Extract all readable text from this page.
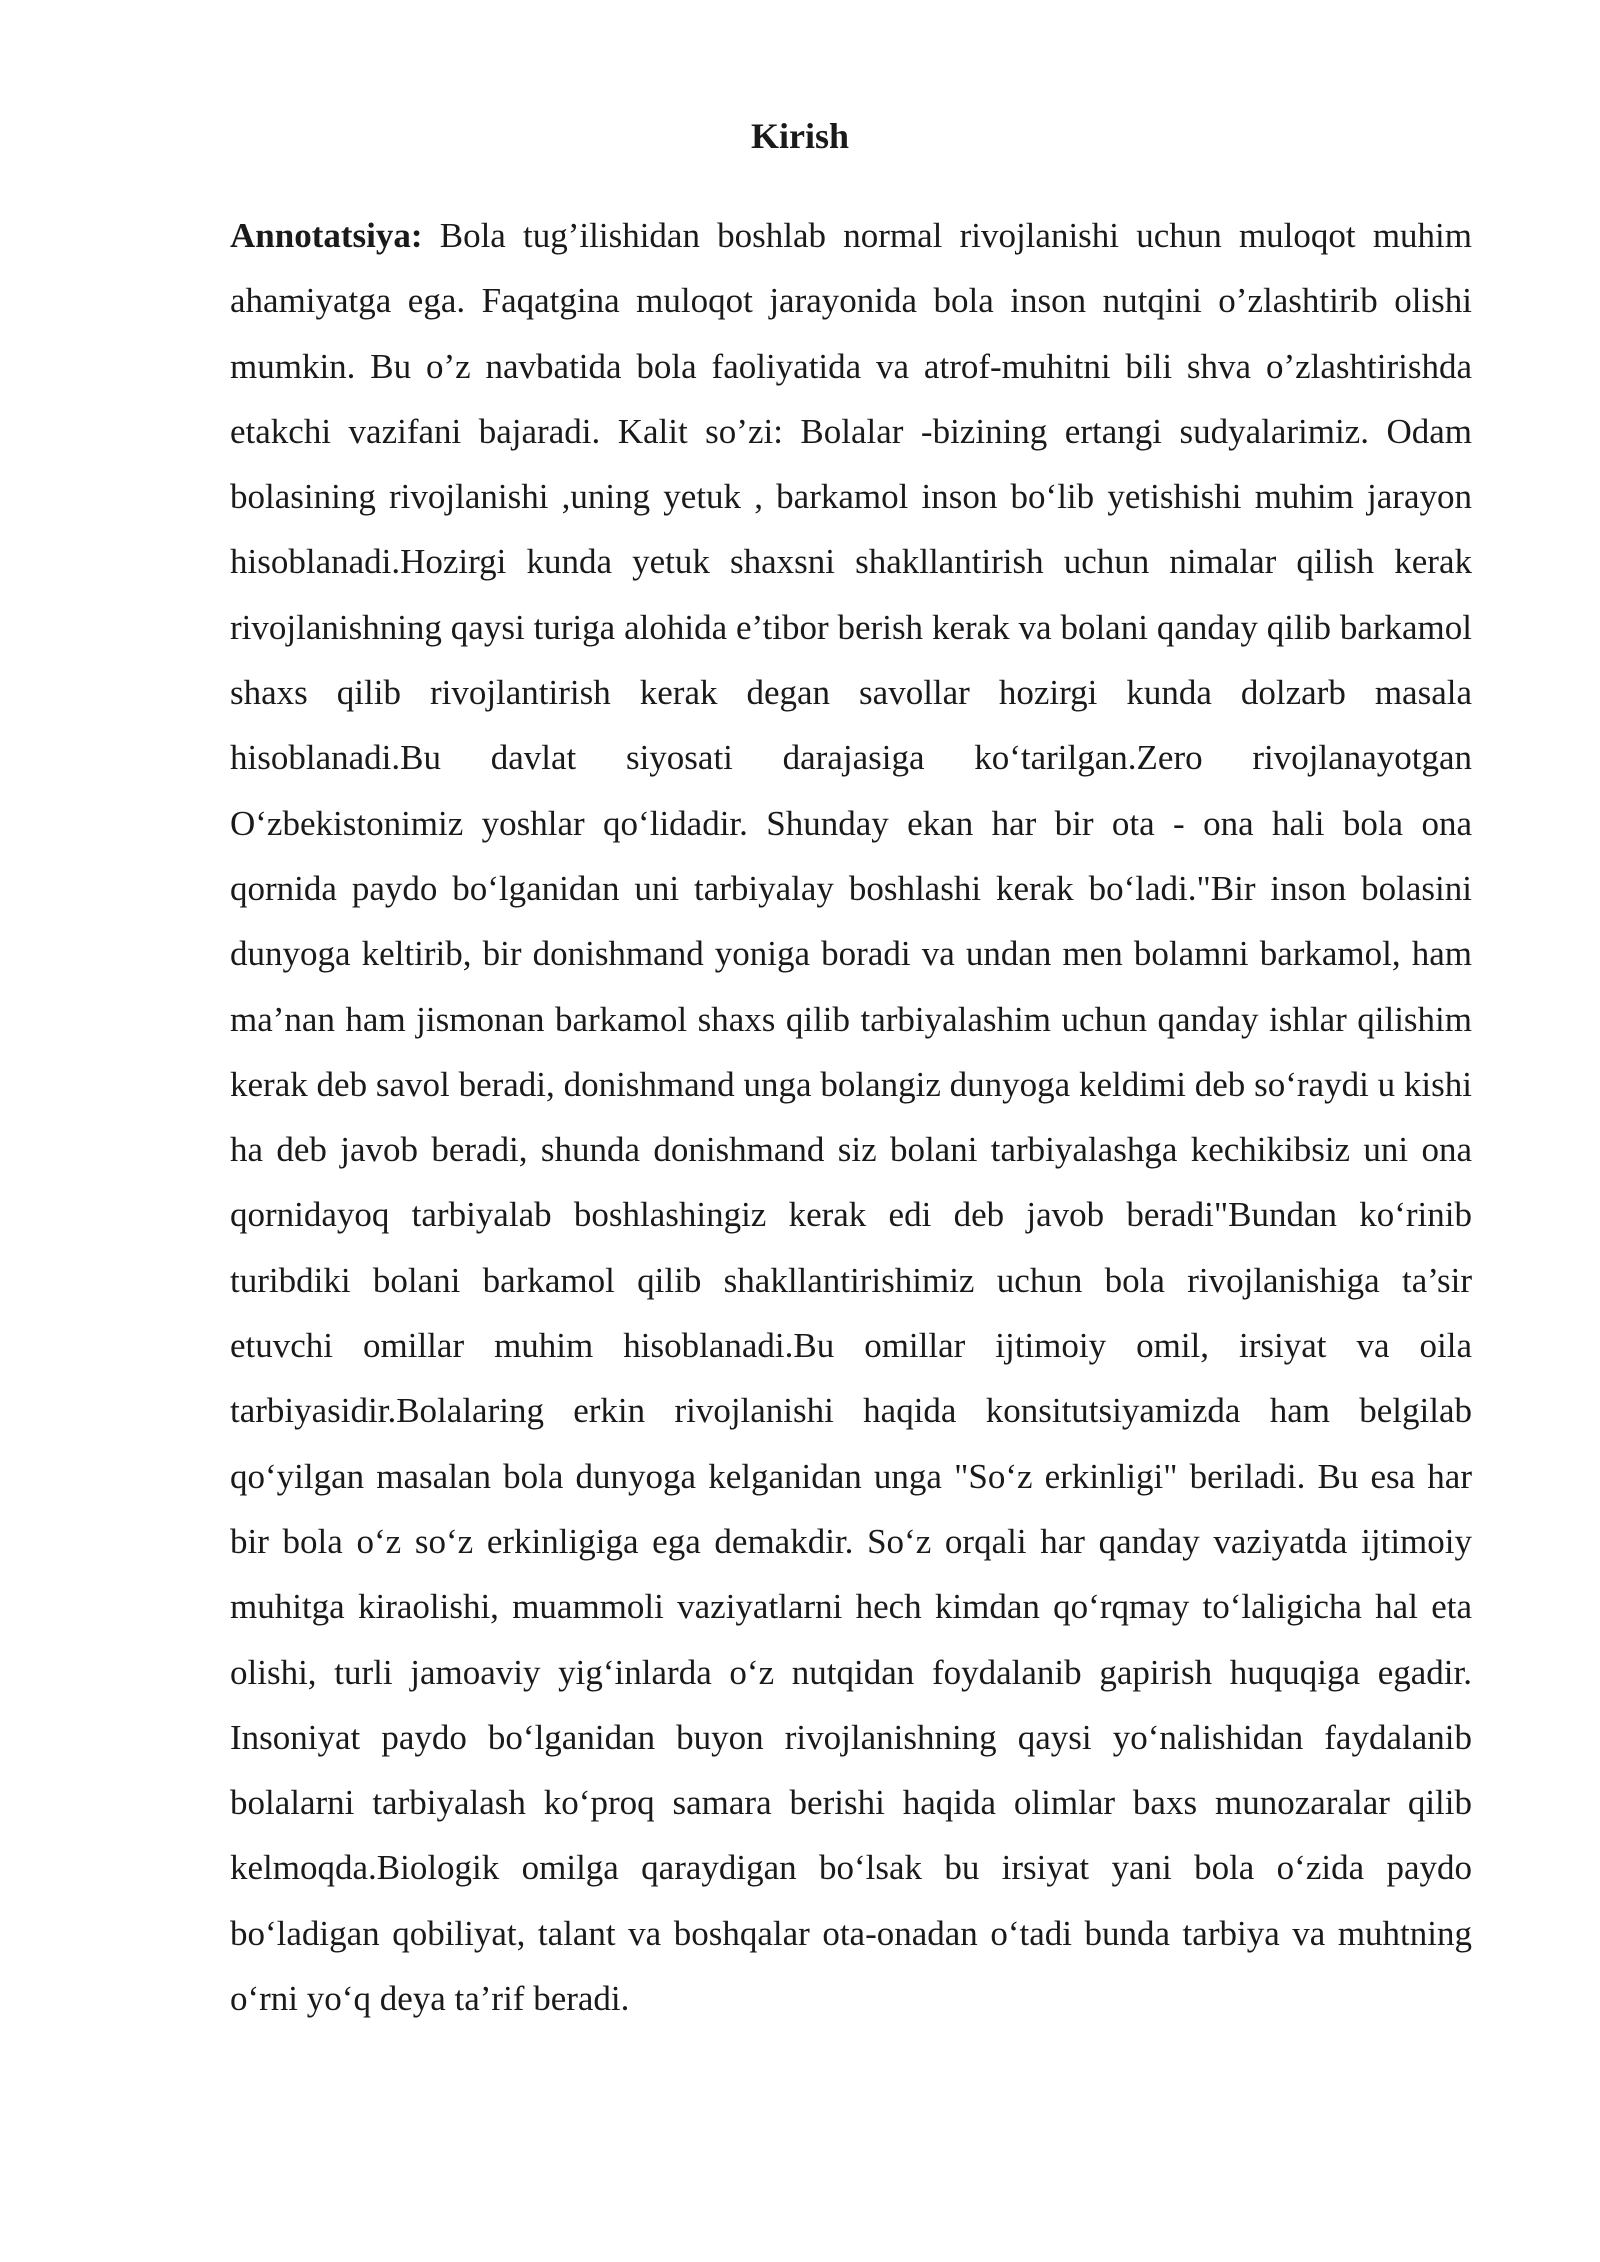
Kirish

Annotatsiya: Bola tug’ilishidan boshlab normal rivojlanishi uchun muloqot muhim ahamiyatga ega. Faqatgina muloqot jarayonida bola inson nutqini o’zlashtirib olishi mumkin. Bu o’z navbatida bola faoliyatida va atrof-muhitni bili shva o’zlashtirishda etakchi vazifani bajaradi. Kalit so’zi: Bolalar -bizining ertangi sudyalarimiz. Odam bolasining rivojlanishi ,uning yetuk , barkamol inson bo‘lib yetishishi muhim jarayon hisoblanadi.Hozirgi kunda yetuk shaxsni shakllantirish uchun nimalar qilish kerak rivojlanishning qaysi turiga alohida e’tibor berish kerak va bolani qanday qilib barkamol shaxs qilib rivojlantirish kerak degan savollar hozirgi kunda dolzarb masala hisoblanadi.Bu davlat siyosati darajasiga ko‘tarilgan.Zero rivojlanayotgan O‘zbekistonimiz yoshlar qo‘lidadir. Shunday ekan har bir ota - ona hali bola ona qornida paydo bo‘lganidan uni tarbiyalay boshlashi kerak bo‘ladi."Bir inson bolasini dunyoga keltirib, bir donishmand yoniga boradi va undan men bolamni barkamol, ham ma’nan ham jismonan barkamol shaxs qilib tarbiyalashim uchun qanday ishlar qilishim kerak deb savol beradi, donishmand unga bolangiz dunyoga keldimi deb so‘raydi u kishi ha deb javob beradi, shunda donishmand siz bolani tarbiyalashga kechikibsiz uni ona qornidayoq tarbiyalab boshlashingiz kerak edi deb javob beradi"Bundan ko‘rinib turibdiki bolani barkamol qilib shakllantirishimiz uchun bola rivojlanishiga ta’sir etuvchi omillar muhim hisoblanadi.Bu omillar ijtimoiy omil, irsiyat va oila tarbiyasidir.Bolalaring erkin rivojlanishi haqida konsitutsiyamizda ham belgilab qo‘yilgan masalan bola dunyoga kelganidan unga "So‘z erkinligi" beriladi. Bu esa har bir bola o‘z so‘z erkinligiga ega demakdir. So‘z orqali har qanday vaziyatda ijtimoiy muhitga kiraolishi, muammoli vaziyatlarni hech kimdan qo‘rqmay to‘laligicha hal eta olishi, turli jamoaviy yig‘inlarda o‘z nutqidan foydalanib gapirish huquqiga egadir. Insoniyat paydo bo‘lganidan buyon rivojlanishning qaysi yo‘nalishidan faydalanib bolalarni tarbiyalash ko‘proq samara berishi haqida olimlar baxs munozaralar qilib kelmoqda.Biologik omilga qaraydigan bo‘lsak bu irsiyat yani bola o‘zida paydo bo‘ladigan qobiliyat, talant va boshqalar ota-onadan o‘tadi bunda tarbiya va muhtning o‘rni yo‘q deya ta’rif beradi.
